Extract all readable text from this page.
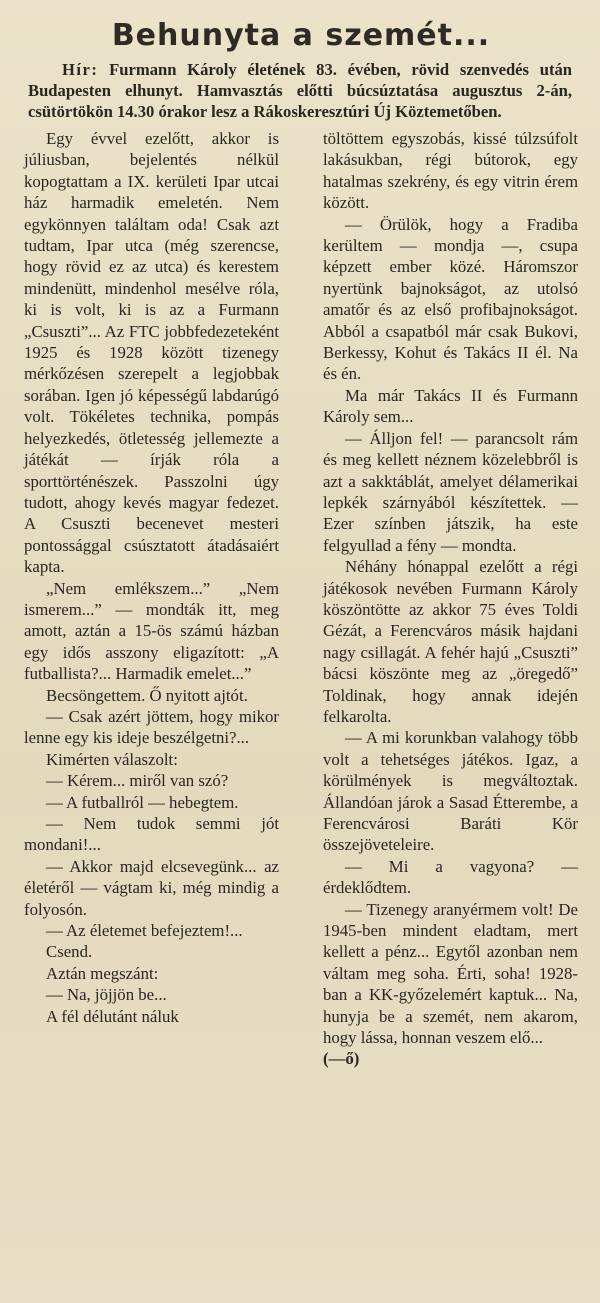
Behunyta a szemét...

Hír: Furmann Károly életének 83. évében, rövid szenvedés után Budapesten elhunyt. Hamvasztás előtti búcsúztatása augusztus 2-án, csütörtökön 14.30 órakor lesz a Rákoskeresztúri Új Köztemetőben.

Egy évvel ezelőtt, akkor is júliusban, bejelentés nélkül kopogtattam a IX. kerületi Ipar utcai ház harmadik emeletén. Nem egykönnyen találtam oda! Csak azt tudtam, Ipar utca (még szerencse, hogy rövid ez az utca) és kerestem mindenütt, mindenhol mesélve róla, ki is volt, ki is az a Furmann „Csuszti”... Az FTC jobbfedezeteként 1925 és 1928 között tizenegy mérkőzésen szerepelt a legjobbak sorában. Igen jó képességű labdarúgó volt. Tökéletes technika, pompás helyezkedés, ötletesség jellemezte a játékát — írják róla a sporttörténészek. Passzolni úgy tudott, ahogy kevés magyar fedezet. A Csuszti becenevet mesteri pontossággal csúsztatott átadásaiért kapta.

„Nem emlékszem...” „Nem ismerem...” — mondták itt, meg amott, aztán a 15-ös számú házban egy idős asszony eligazított: „A futballista?... Harmadik emelet...”

Becsöngettem. Ő nyitott ajtót.

— Csak azért jöttem, hogy mikor lenne egy kis ideje beszélgetni?...

Kimérten válaszolt:

— Kérem... miről van szó?

— A futballról — hebegtem.

— Nem tudok semmi jót mondani!...

— Akkor majd elcsevegünk... az életéről — vágtam ki, még mindig a folyosón.

— Az életemet befejeztem!...

Csend.

Aztán megszánt:

— Na, jöjjön be...

A fél délutánt náluk

töltöttem egyszobás, kissé túlzsúfolt lakásukban, régi bútorok, egy hatalmas szekrény, és egy vitrin érem között.

— Örülök, hogy a Fradiba kerültem — mondja —, csupa képzett ember közé. Háromszor nyertünk bajnokságot, az utolsó amatőr és az első profibajnokságot. Abból a csapatból már csak Bukovi, Berkessy, Kohut és Takács II él. Na és én.

Ma már Takács II és Furmann Károly sem...

— Álljon fel! — parancsolt rám és meg kellett néznem közelebbről is azt a sakktáblát, amelyet délamerikai lepkék szárnyából készítettek. — Ezer színben játszik, ha este felgyullad a fény — mondta.

Néhány hónappal ezelőtt a régi játékosok nevében Furmann Károly köszöntötte az akkor 75 éves Toldi Gézát, a Ferencváros másik hajdani nagy csillagát. A fehér hajú „Csuszti” bácsi köszönte meg az „öregedő” Toldinak, hogy annak idején felkarolta.

— A mi korunkban valahogy több volt a tehetséges játékos. Igaz, a körülmények is megváltoztak. Állandóan járok a Sasad Étterembe, a Ferencvárosi Baráti Kör összejöveteleire.

— Mi a vagyona? — érdeklődtem.

— Tizenegy aranyérmem volt! De 1945-ben mindent eladtam, mert kellett a pénz... Egytől azonban nem váltam meg soha. Érti, soha! 1928-ban a KK-győzelemért kaptuk... Na, hunyja be a szemét, nem akarom, hogy lássa, honnan veszem elő...

(—ő)
